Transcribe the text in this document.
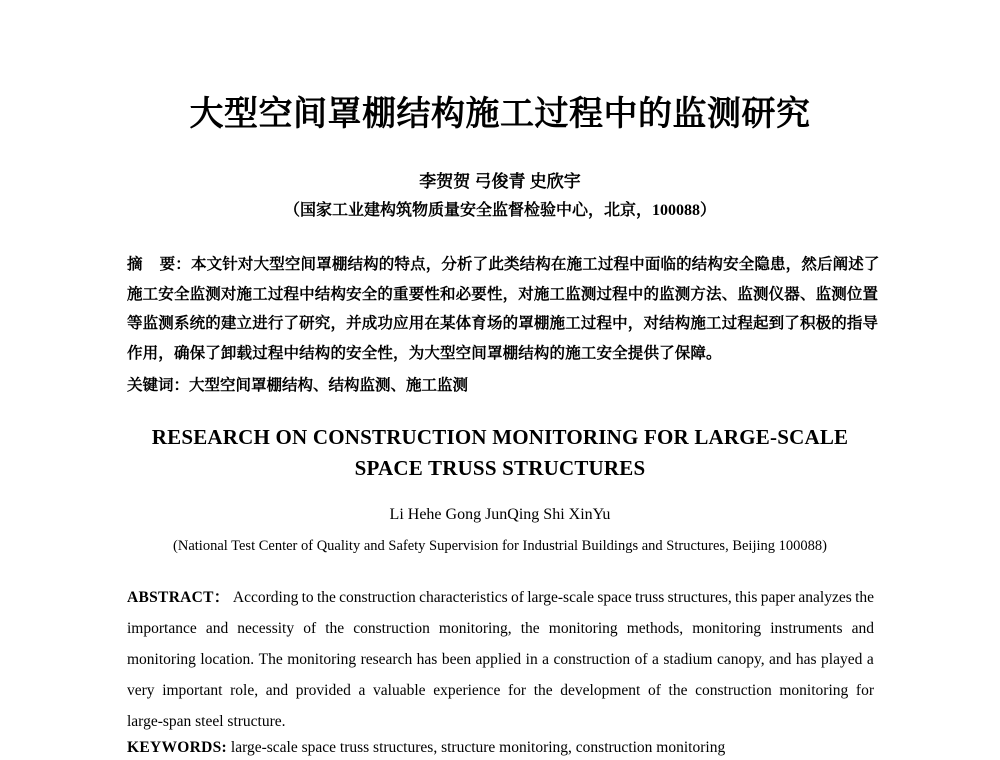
大型空间罩棚结构施工过程中的监测研究
李贺贺 弓俊青 史欣宇
（国家工业建构筑物质量安全监督检验中心，北京，100088）
摘 要：本文针对大型空间罩棚结构的特点，分析了此类结构在施工过程中面临的结构安全隐患，然后阐述了
施工安全监测对施工过程中结构安全的重要性和必要性，对施工监测过程中的监测方法、监测仪器、监测位置
等监测系统的建立进行了研究，并成功应用在某体育场的罩棚施工过程中，对结构施工过程起到了积极的指导
作用，确保了卸载过程中结构的安全性，为大型空间罩棚结构的施工安全提供了保障。
关键词：大型空间罩棚结构、结构监测、施工监测
RESEARCH ON CONSTRUCTION MONITORING FOR LARGE-SCALE
SPACE TRUSS STRUCTURES
Li Hehe Gong JunQing Shi XinYu
(National Test Center of Quality and Safety Supervision for Industrial Buildings and Structures, Beijing 100088)
ABSTRACT： According to the construction characteristics of large-scale space truss structures, this paper analyzes the
importance and necessity of the construction monitoring, the monitoring methods, monitoring instruments and
monitoring location. The monitoring research has been applied in a construction of a stadium canopy, and has played a
very important role, and provided a valuable experience for the development of the construction monitoring for
large-span steel structure.
KEYWORDS: large-scale space truss structures, structure monitoring, construction monitoring
